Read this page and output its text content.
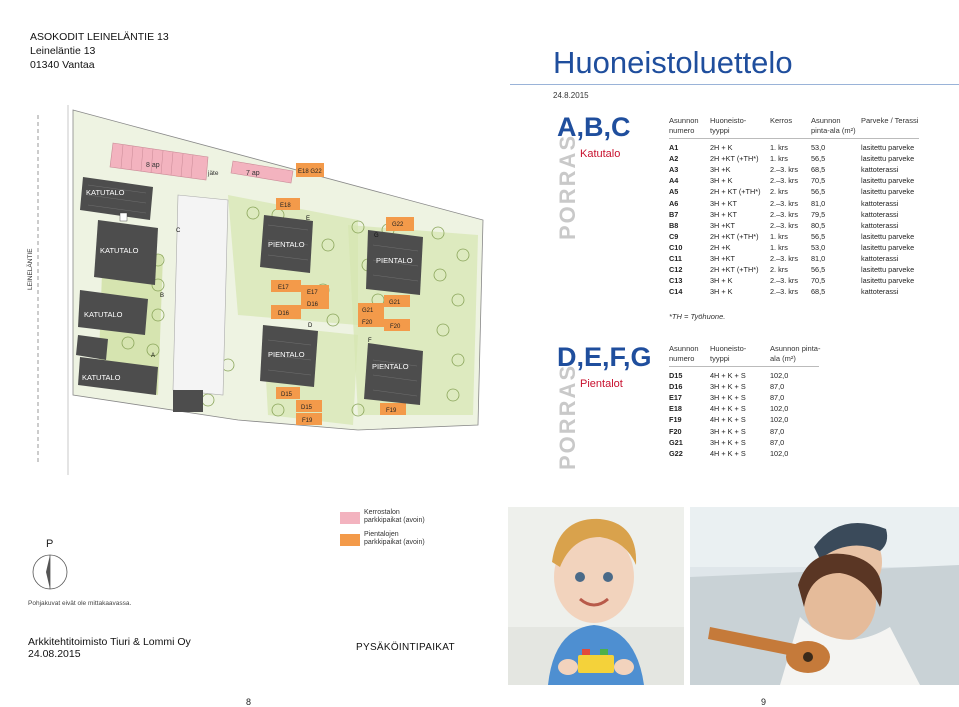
ASOKODIT LEINELÄNTIE 13
Leineläntie 13
01340 Vantaa
LEINELÄNTIE
8 ap
7 ap
jäte	E18 G22
E18
G22
E17
E17
D16
D16	G21
G21
F20
F20
D15
D15
F19
F19
KATUTALO
KATUTALO
KATUTALO
KATUTALO
PIENTALO
PIENTALO
PIENTALO
PIENTALO
C
B
A
E
G
D
F
Kerrostalon parkkipaikat (avoin)
Pientalojen parkkipaikat (avoin)
P
Pohjakuvat eivät ole mittakaavassa.
Arkkitehtitoimisto Tiuri & Lommi Oy
24.08.2015
PYSÄKÖINTIPAIKAT
8
Huoneistoluettelo
24.8.2015
A,B,C
PORRAS Katutalo
Asunnon numero
Huoneisto- tyyppi
Kerros	Asunnon pinta-ala (m²)
Parveke / Terassi
A1	2H + K	1. krs	53,0	lasitettu parveke
A2	2H +KT (+TH*) 1. krs	56,5	lasitettu parveke
A3	3H +K	2.–3. krs 68,5	kattoterassi
A4	3H + K	2.–3. krs 70,5	lasitettu parveke
A5	2H + KT (+TH*) 2. krs	56,5	lasitettu parveke
A6	3H + KT	2.–3. krs 81,0	kattoterassi
B7	3H + KT	2.–3. krs 79,5	kattoterassi
B8	3H +KT	2.–3. krs 80,5	kattoterassi
C9	2H +KT (+TH*) 1. krs	56,5	lasitettu parveke
C10	2H +K	1. krs	53,0	lasitettu parveke
C11	3H +KT	2.–3. krs 81,0	kattoterassi
C12	2H +KT (+TH*) 2. krs	56,5	lasitettu parveke
C13	3H + K	2.–3. krs 70,5	lasitettu parveke
C14	3H + K	2.–3. krs 68,5	kattoterassi
*TH = Työhuone.
D,E,F,G
PORRAS Pientalot
Asunnon numero
Huoneisto- tyyppi
Asunnon pinta-ala (m²)
D15	4H + K + S	102,0
D16	3H + K + S	87,0
E17	3H + K + S	87,0
E18	4H + K + S	102,0
F19	4H + K + S	102,0
F20	3H + K + S	87,0
G21	3H + K + S	87,0
G22	4H + K + S	102,0
9
